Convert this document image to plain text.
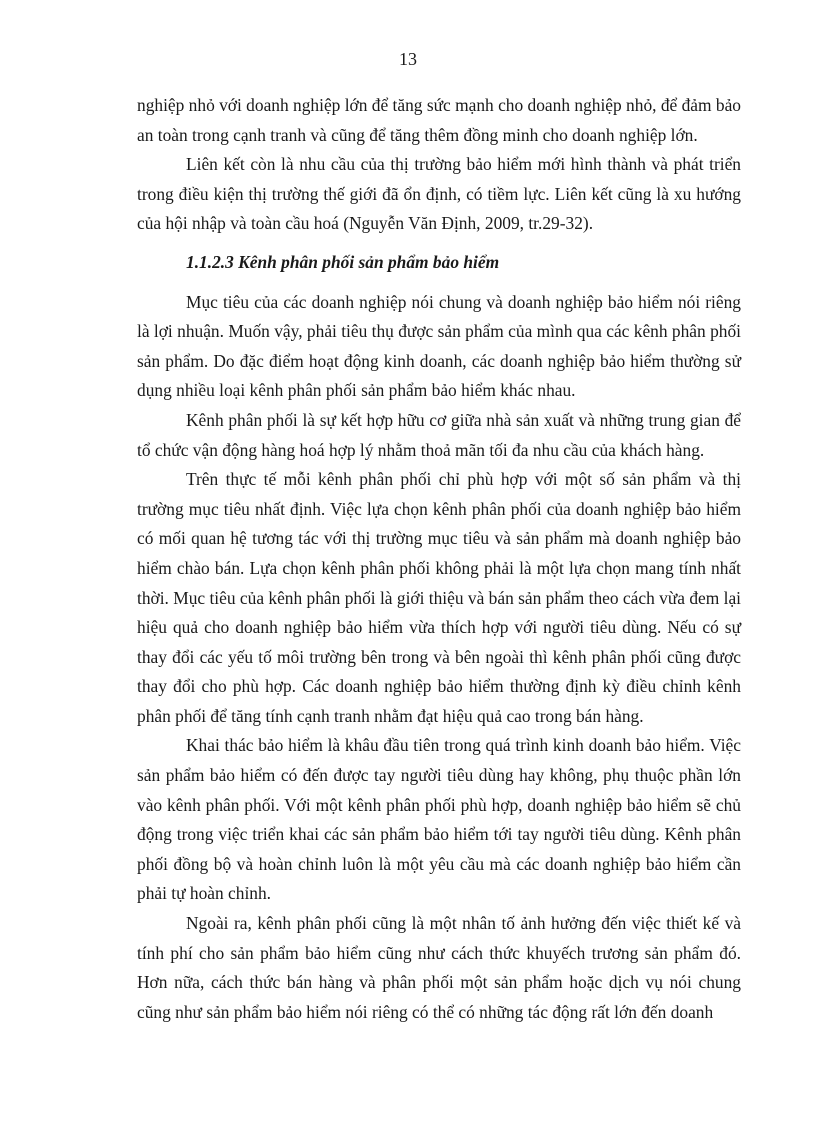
13

nghiệp nhỏ với doanh nghiệp lớn để tăng sức mạnh cho doanh nghiệp nhỏ, để đảm bảo an toàn trong cạnh tranh và cũng để tăng thêm đồng minh cho doanh nghiệp lớn.

Liên kết còn là nhu cầu của thị trường bảo hiểm mới hình thành và phát triển trong điều kiện thị trường thế giới đã ổn định, có tiềm lực. Liên kết cũng là xu hướng của hội nhập và toàn cầu hoá (Nguyễn Văn Định, 2009, tr.29-32).

1.1.2.3 Kênh phân phối sản phẩm bảo hiểm

Mục tiêu của các doanh nghiệp nói chung và doanh nghiệp bảo hiểm nói riêng là lợi nhuận. Muốn vậy, phải tiêu thụ được sản phẩm của mình qua các kênh phân phối sản phẩm. Do đặc điểm hoạt động kinh doanh, các doanh nghiệp bảo hiểm thường sử dụng nhiều loại kênh phân phối sản phẩm bảo hiểm khác nhau.

Kênh phân phối là sự kết hợp hữu cơ giữa nhà sản xuất và những trung gian để tổ chức vận động hàng hoá hợp lý nhằm thoả mãn tối đa nhu cầu của khách hàng.

Trên thực tế mỗi kênh phân phối chỉ phù hợp với một số sản phẩm và thị trường mục tiêu nhất định. Việc lựa chọn kênh phân phối của doanh nghiệp bảo hiểm có mối quan hệ tương tác với thị trường mục tiêu và sản phẩm mà doanh nghiệp bảo hiểm chào bán. Lựa chọn kênh phân phối không phải là một lựa chọn mang tính nhất thời. Mục tiêu của kênh phân phối là giới thiệu và bán sản phẩm theo cách vừa đem lại hiệu quả cho doanh nghiệp bảo hiểm vừa thích hợp với người tiêu dùng. Nếu có sự thay đổi các yếu tố môi trường bên trong và bên ngoài thì kênh phân phối cũng được thay đổi cho phù hợp. Các doanh nghiệp bảo hiểm thường định kỳ điều chỉnh kênh phân phối để tăng tính cạnh tranh nhằm đạt hiệu quả cao trong bán hàng.

Khai thác bảo hiểm là khâu đầu tiên trong quá trình kinh doanh bảo hiểm. Việc sản phẩm bảo hiểm có đến được tay người tiêu dùng hay không, phụ thuộc phần lớn vào kênh phân phối. Với một kênh phân phối phù hợp, doanh nghiệp bảo hiểm sẽ chủ động trong việc triển khai các sản phẩm bảo hiểm tới tay người tiêu dùng. Kênh phân phối đồng bộ và hoàn chỉnh luôn là một yêu cầu mà các doanh nghiệp bảo hiểm cần phải tự hoàn chỉnh.

Ngoài ra, kênh phân phối cũng là một nhân tố ảnh hưởng đến việc thiết kế và tính phí cho sản phẩm bảo hiểm cũng như cách thức khuyếch trương sản phẩm đó. Hơn nữa, cách thức bán hàng và phân phối một sản phẩm hoặc dịch vụ nói chung cũng như sản phẩm bảo hiểm nói riêng có thể có những tác động rất lớn đến doanh
